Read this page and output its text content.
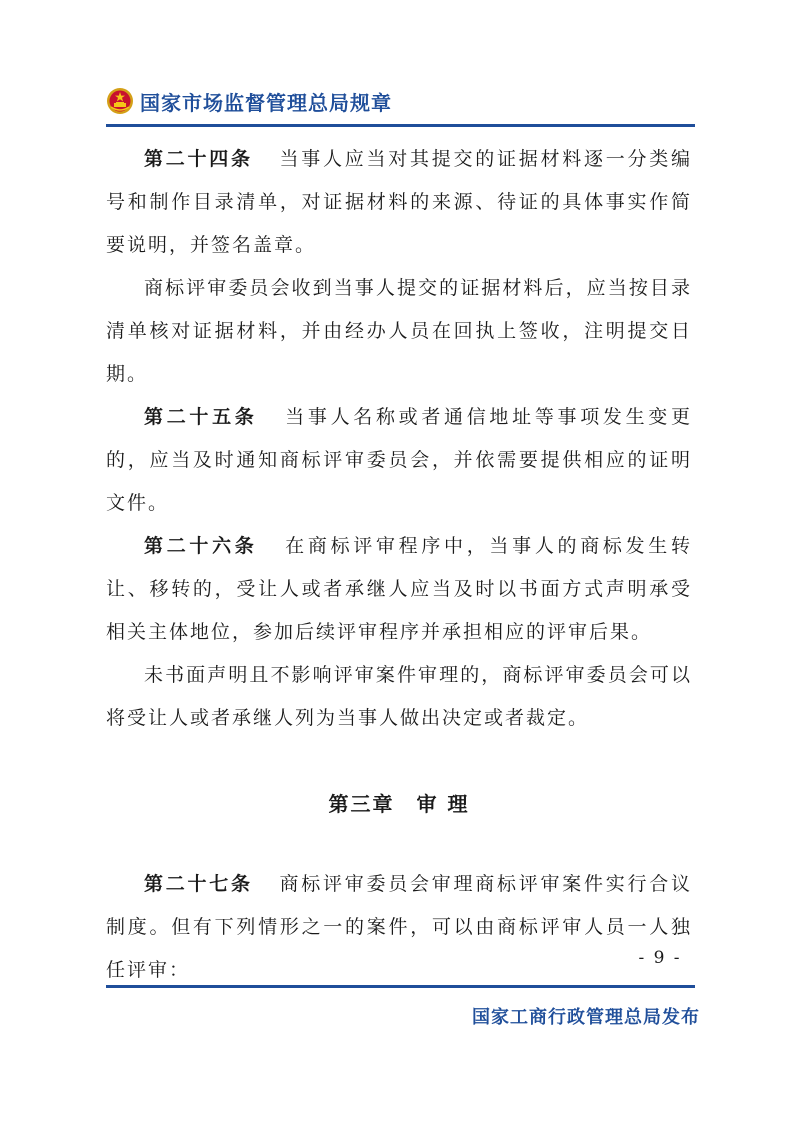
国家市场监督管理总局规章

第二十四条 当事人应当对其提交的证据材料逐一分类编号和制作目录清单，对证据材料的来源、待证的具体事实作简要说明，并签名盖章。

商标评审委员会收到当事人提交的证据材料后，应当按目录清单核对证据材料，并由经办人员在回执上签收，注明提交日期。

第二十五条 当事人名称或者通信地址等事项发生变更的，应当及时通知商标评审委员会，并依需要提供相应的证明文件。

第二十六条 在商标评审程序中，当事人的商标发生转让、移转的，受让人或者承继人应当及时以书面方式声明承受相关主体地位，参加后续评审程序并承担相应的评审后果。

未书面声明且不影响评审案件审理的，商标评审委员会可以将受让人或者承继人列为当事人做出决定或者裁定。

第三章　审 理

第二十七条 商标评审委员会审理商标评审案件实行合议制度。但有下列情形之一的案件，可以由商标评审人员一人独任评审：

- 9 -
国家工商行政管理总局发布
